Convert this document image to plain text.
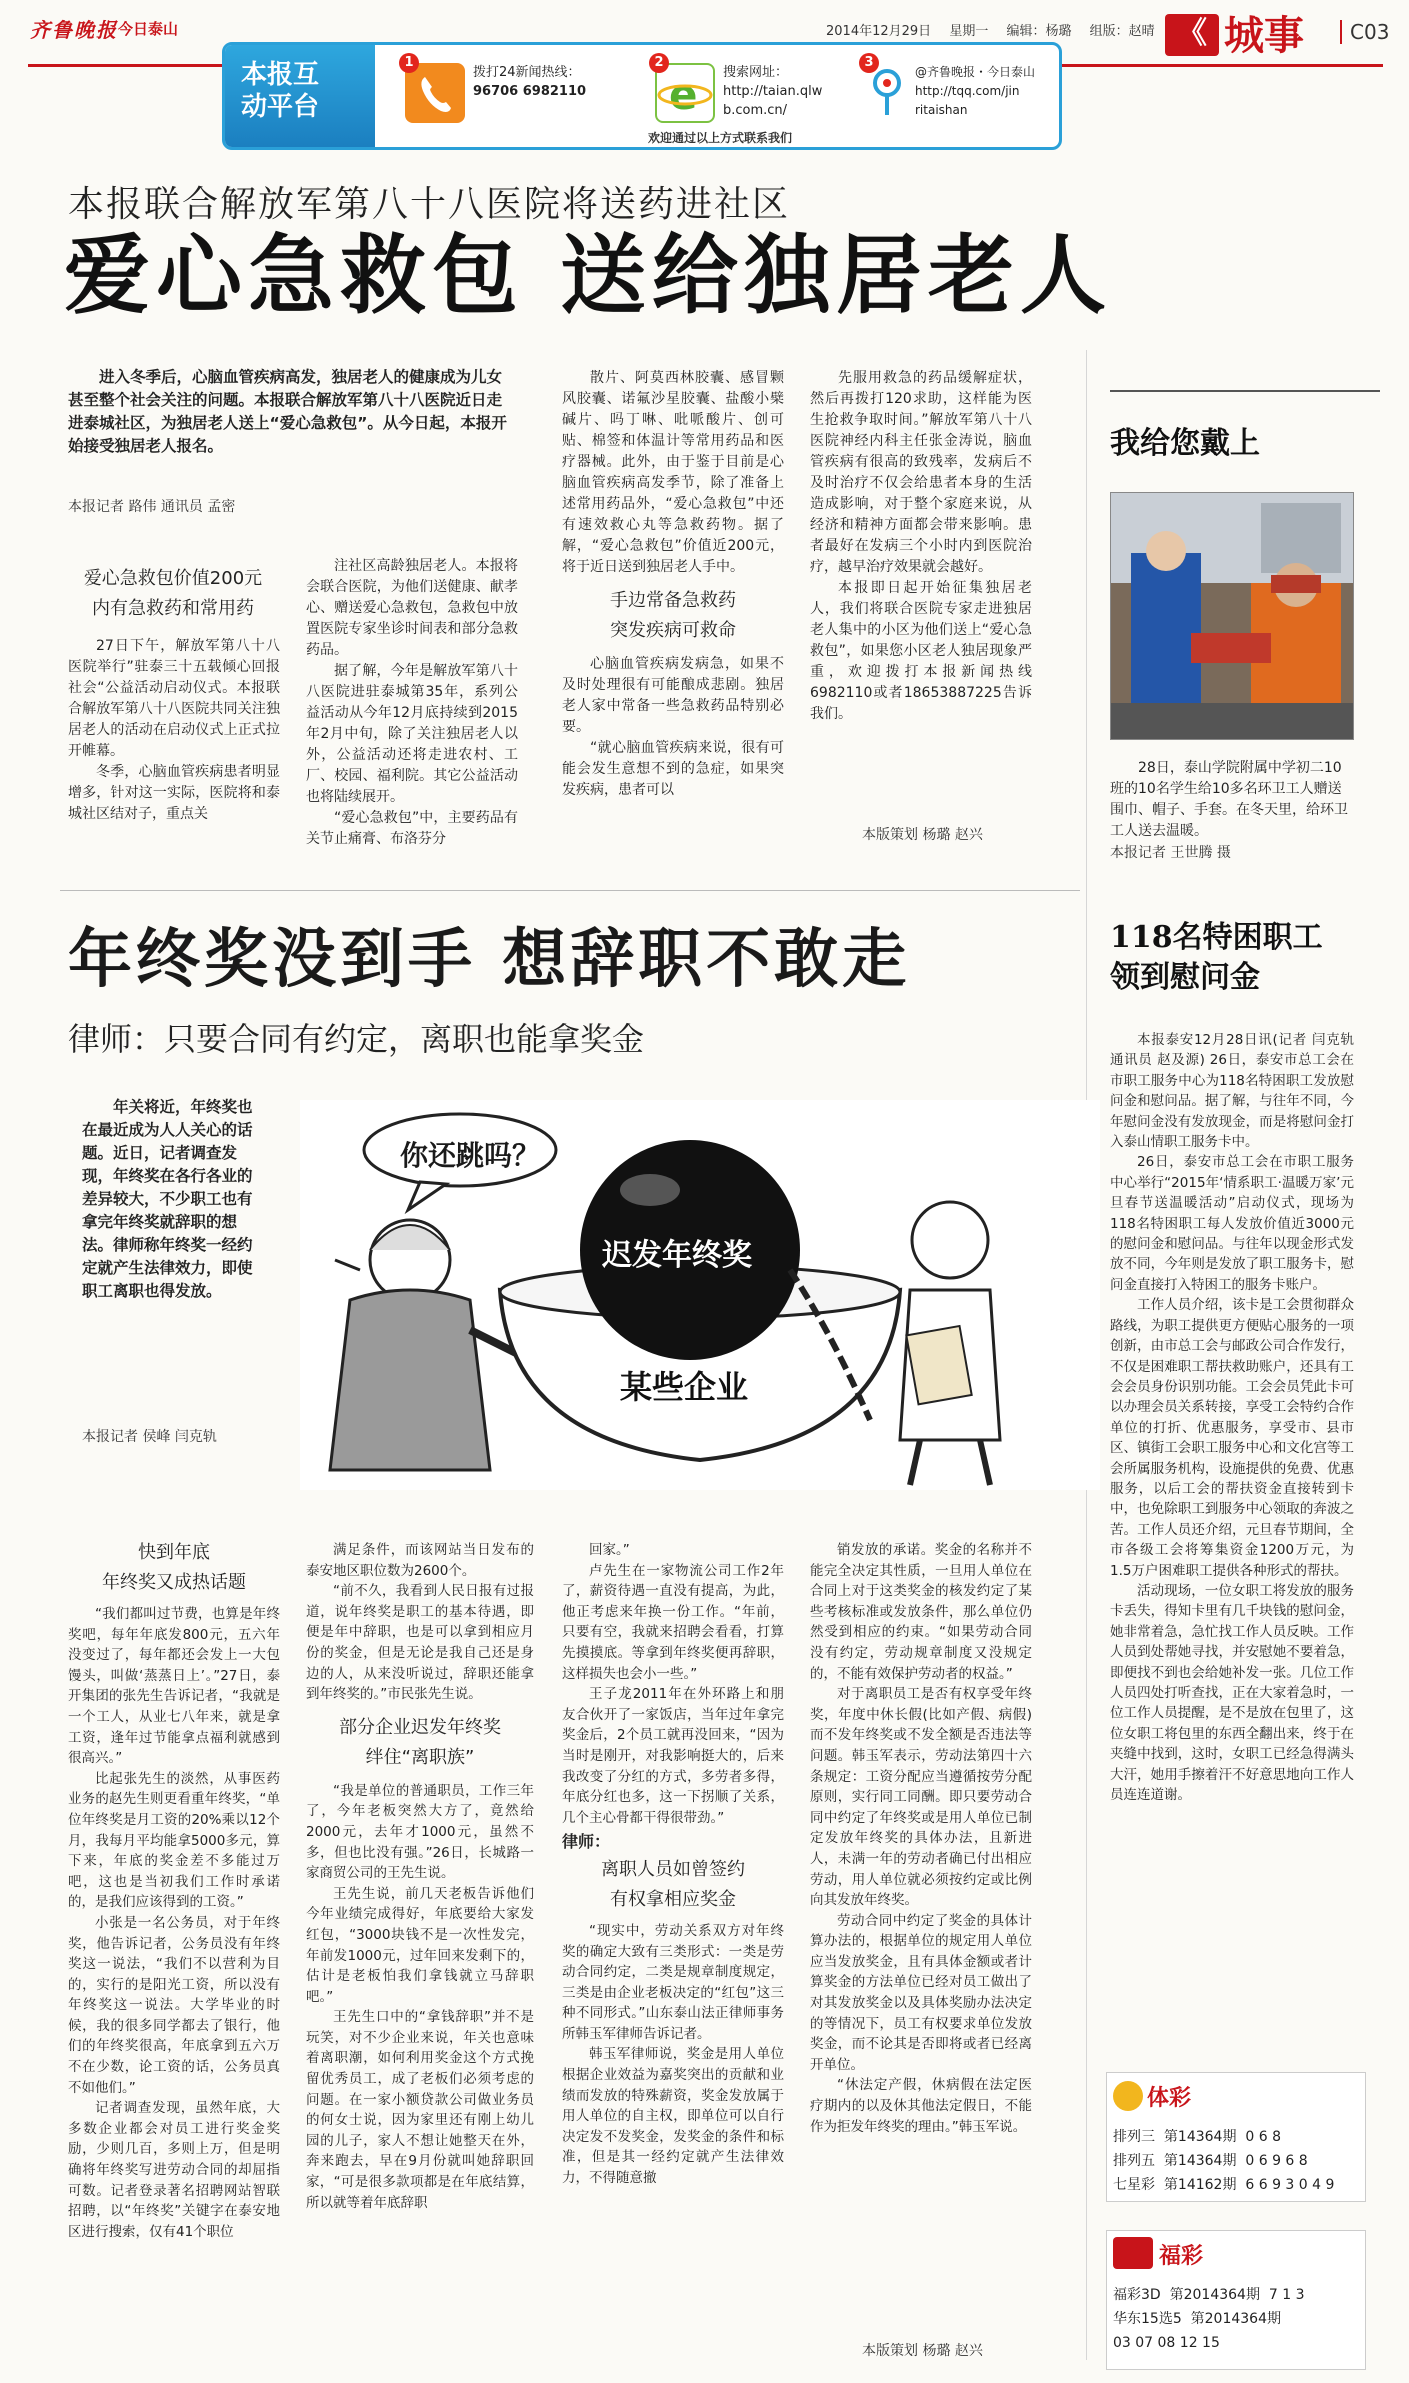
齐鲁晚报 今日泰山	2014年12月29日 星期一 编辑：杨璐 组版：赵晴 《 城事	C03
本报互
动平台
1
拨打24新闻热线：
96706 6982110 e
2
搜索网址：
http://taian.qlw
b.com.cn/
3
@齐鲁晚报・今日泰山
http://tqq.com/jin
ritaishan
欢迎通过以上方式联系我们
本报联合解放军第八十八医院将送药进社区
爱心急救包 送给独居老人
进入冬季后，心脑血管疾病高发，独居老人的健康成为儿女甚至整个社会关注的问题。本报联合解放军第八十八医院近日走进泰城社区，为独居老人送上“爱心急救包”。从今日起，本报开始接受独居老人报名。
本报记者 路伟 通讯员 孟密
爱心急救包价值200元
内有急救药和常用药

27日下午，解放军第八十八医院举行”驻泰三十五载倾心回报社会“公益活动启动仪式。本报联合解放军第八十八医院共同关注独居老人的活动在启动仪式上正式拉开帷幕。

冬季，心脑血管疾病患者明显增多，针对这一实际，医院将和泰城社区结对子，重点关

注社区高龄独居老人。本报将会联合医院，为他们送健康、献孝心、赠送爱心急救包，急救包中放置医院专家坐诊时间表和部分急救药品。

据了解，今年是解放军第八十八医院进驻泰城第35年，系列公益活动从今年12月底持续到2015年2月中旬，除了关注独居老人以外，公益活动还将走进农村、工厂、校园、福利院。其它公益活动也将陆续展开。

“爱心急救包”中，主要药品有关节止痛膏、布洛芬分

散片、阿莫西林胶囊、感冒颗风胶囊、诺氟沙星胶囊、盐酸小檗碱片、吗丁啉、吡哌酸片、创可贴、棉签和体温计等常用药品和医疗器械。此外，由于鉴于目前是心脑血管疾病高发季节，除了准备上述常用药品外，“爱心急救包”中还有速效救心丸等急救药物。据了解，“爱心急救包”价值近200元，将于近日送到独居老人手中。

手边常备急救药
突发疾病可救命

心脑血管疾病发病急，如果不及时处理很有可能酿成悲剧。独居老人家中常备一些急救药品特别必要。

“就心脑血管疾病来说，很有可能会发生意想不到的急症，如果突发疾病，患者可以

先服用救急的药品缓解症状，然后再拨打120求助，这样能为医生抢救争取时间。”解放军第八十八医院神经内科主任张金涛说，脑血管疾病有很高的致残率，发病后不及时治疗不仅会给患者本身的生活造成影响，对于整个家庭来说，从经济和精神方面都会带来影响。患者最好在发病三个小时内到医院治疗，越早治疗效果就会越好。

本报即日起开始征集独居老人，我们将联合医院专家走进独居老人集中的小区为他们送上“爱心急救包”，如果您小区老人独居现象严重，欢迎拨打本报新闻热线6982110或者18653887225告诉我们。

本版策划 杨璐 赵兴
我给您戴上
28日，泰山学院附属中学初二10班的10名学生给10多名环卫工人赠送围巾、帽子、手套。在冬天里，给环卫工人送去温暖。
本报记者 王世腾 摄
年终奖没到手 想辞职不敢走
律师：只要合同有约定，离职也能拿奖金
年关将近，年终奖也在最近成为人人关心的话题。近日，记者调查发现，年终奖在各行各业的差异较大，不少职工也有拿完年终奖就辞职的想法。律师称年终奖一经约定就产生法律效力，即使职工离职也得发放。
本报记者 侯峰 闫克轨
你还跳吗？
迟发年终奖
某些企业
快到年底
年终奖又成热话题

“我们都叫过节费，也算是年终奖吧，每年年底发800元，五六年没变过了，每年都还会发上一大包馒头，叫做‘蒸蒸日上’。”27日，泰开集团的张先生告诉记者，“我就是一个工人，从业七八年来，就是拿工资，逢年过节能拿点福利就感到很高兴。”

比起张先生的淡然，从事医药业务的赵先生则更看重年终奖，“单位年终奖是月工资的20%乘以12个月，我每月平均能拿5000多元，算下来，年底的奖金差不多能过万吧，这也是当初我们工作时承诺的，是我们应该得到的工资。”

小张是一名公务员，对于年终奖，他告诉记者，公务员没有年终奖这一说法，“我们不以营利为目的，实行的是阳光工资，所以没有年终奖这一说法。大学毕业的时候，我的很多同学都去了银行，他们的年终奖很高，年底拿到五六万不在少数，论工资的话，公务员真不如他们。”

记者调查发现，虽然年底，大多数企业都会对员工进行奖金奖励，少则几百，多则上万，但是明确将年终奖写进劳动合同的却屈指可数。记者登录著名招聘网站智联招聘，以“年终奖”关键字在泰安地区进行搜索，仅有41个职位

满足条件，而该网站当日发布的泰安地区职位数为2600个。

“前不久，我看到人民日报有过报道，说年终奖是职工的基本待遇，即便是年中辞职，也是可以拿到相应月份的奖金，但是无论是我自己还是身边的人，从来没听说过，辞职还能拿到年终奖的。”市民张先生说。

部分企业迟发年终奖
绊住“离职族”

“我是单位的普通职员，工作三年了，今年老板突然大方了，竟然给2000元，去年才1000元，虽然不多，但也比没有强。”26日，长城路一家商贸公司的王先生说。

王先生说，前几天老板告诉他们今年业绩完成得好，年底要给大家发红包，“3000块钱不是一次性发完，年前发1000元，过年回来发剩下的，估计是老板怕我们拿钱就立马辞职吧。”

王先生口中的“拿钱辞职”并不是玩笑，对不少企业来说，年关也意味着离职潮，如何利用奖金这个方式挽留优秀员工，成了老板们必须考虑的问题。在一家小额贷款公司做业务员的何女士说，因为家里还有刚上幼儿园的儿子，家人不想让她整天在外，奔来跑去，早在9月份就叫她辞职回家，“可是很多款项都是在年底结算，所以就等着年底辞职

回家。”

卢先生在一家物流公司工作2年了，薪资待遇一直没有提高，为此，他正考虑来年换一份工作。“年前，只要有空，我就来招聘会看看，打算先摸摸底。等拿到年终奖便再辞职，这样损失也会小一些。”

王子龙2011年在外环路上和朋友合伙开了一家饭店，当年过年拿完奖金后，2个员工就再没回来，“因为当时是刚开，对我影响挺大的，后来我改变了分红的方式，多劳者多得，年底分红也多，这一下拐顺了关系，几个主心骨都干得很带劲。”

律师：
离职人员如曾签约
有权拿相应奖金

“现实中，劳动关系双方对年终奖的确定大致有三类形式：一类是劳动合同约定，二类是规章制度规定，三类是由企业老板决定的“红包”这三种不同形式。”山东泰山法正律师事务所韩玉军律师告诉记者。

韩玉军律师说，奖金是用人单位根据企业效益为嘉奖突出的贡献和业绩而发放的特殊薪资，奖金发放属于用人单位的自主权，即单位可以自行决定发不发奖金，发奖金的条件和标准，但是其一经约定就产生法律效力，不得随意撤

销发放的承诺。奖金的名称并不能完全决定其性质，一旦用人单位在合同上对于这类奖金的核发约定了某些考核标准或发放条件，那么单位仍然受到相应的约束。“如果劳动合同没有约定，劳动规章制度又没规定的，不能有效保护劳动者的权益。”

对于离职员工是否有权享受年终奖，年度中休长假(比如产假、病假)而不发年终奖或不发全额是否违法等问题。韩玉军表示，劳动法第四十六条规定：工资分配应当遵循按劳分配原则，实行同工同酬。即只要劳动合同中约定了年终奖或是用人单位已制定发放年终奖的具体办法，且新进人，未满一年的劳动者确已付出相应劳动，用人单位就必须按约定或比例向其发放年终奖。

劳动合同中约定了奖金的具体计算办法的，根据单位的规定用人单位应当发放奖金，且有具体金额或者计算奖金的方法单位已经对员工做出了对其发放奖金以及具体奖励办法决定的等情况下，员工有权要求单位发放奖金，而不论其是否即将或者已经离开单位。

“休法定产假，休病假在法定医疗期内的以及休其他法定假日，不能作为拒发年终奖的理由。”韩玉军说。

本版策划 杨璐 赵兴
118名特困职工
领到慰问金

本报泰安12月28日讯(记者 闫克轨 通讯员 赵及源) 26日，泰安市总工会在市职工服务中心为118名特困职工发放慰问金和慰问品。据了解，与往年不同，今年慰问金没有发放现金，而是将慰问金打入泰山情职工服务卡中。

26日，泰安市总工会在市职工服务中心举行“2015年‘情系职工·温暖万家’元旦春节送温暖活动”启动仪式，现场为118名特困职工每人发放价值近3000元的慰问金和慰问品。与往年以现金形式发放不同，今年则是发放了职工服务卡，慰问金直接打入特困工的服务卡账户。

工作人员介绍，该卡是工会贯彻群众路线，为职工提供更方便贴心服务的一项创新，由市总工会与邮政公司合作发行，不仅是困难职工帮扶救助账户，还具有工会会员身份识别功能。工会会员凭此卡可以办理会员关系转接，享受工会特约合作单位的打折、优惠服务，享受市、县市区、镇街工会职工服务中心和文化宫等工会所属服务机构，设施提供的免费、优惠服务，以后工会的帮扶资金直接转到卡中，也免除职工到服务中心领取的奔波之苦。工作人员还介绍，元旦春节期间，全市各级工会将筹集资金1200万元，为1.5万户困难职工提供各种形式的帮扶。

活动现场，一位女职工将发放的服务卡丢失，得知卡里有几千块钱的慰问金，她非常着急，急忙找工作人员反映。工作人员到处帮她寻找，并安慰她不要着急，即便找不到也会给她补发一张。几位工作人员四处打听查找，正在大家着急时，一位工作人员提醒，是不是放在包里了，这位女职工将包里的东西全翻出来，终于在夹缝中找到，这时，女职工已经急得满头大汗，她用手擦着汗不好意思地向工作人员连连道谢。

体彩
排列三 第14364期 0 6 8
排列五 第14364期 0 6 9 6 8
七星彩 第14162期 6 6 9 3 0 4 9
福彩
福彩3D 第2014364期 7 1 3
华东15选5 第2014364期
03 07 08 12 15
